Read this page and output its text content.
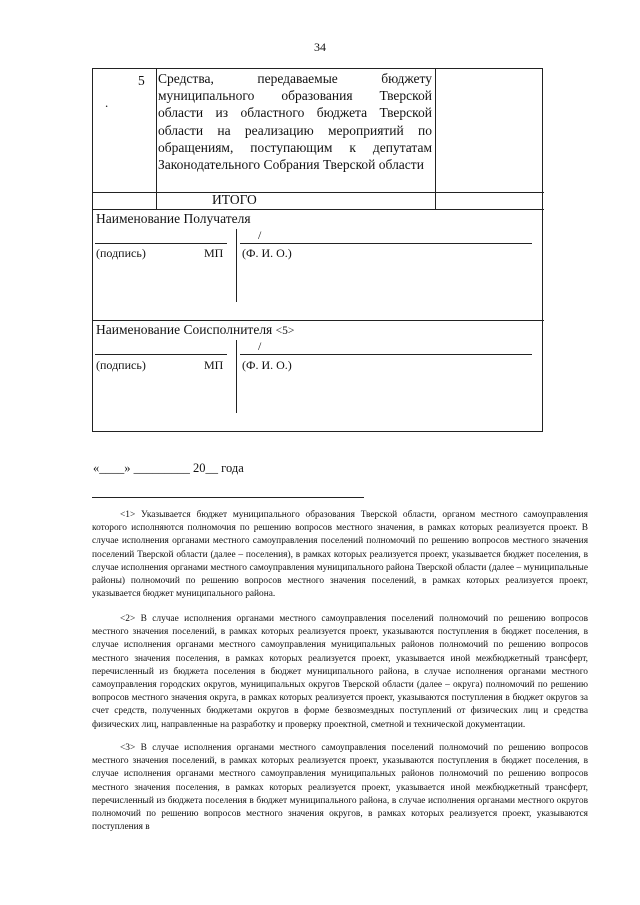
34
5
.
Средства, передаваемые бюджету муниципального образования Тверской области из областного бюджета Тверской области на реализацию мероприятий по обращениям, поступающим к депутатам Законодательного Собрания Тверской области
ИТОГО
Наименование Получателя
/
(подпись)	МП (Ф. И. О.)
Наименование Соисполнителя <5>
/
(подпись)	МП (Ф. И. О.)
«____» _________ 20__ года
<1> Указывается бюджет муниципального образования Тверской области, органом местного самоуправления которого исполняются полномочия по решению вопросов местного значения, в рамках которых реализуется проект. В случае исполнения органами местного самоуправления поселений полномочий по решению вопросов местного значения поселений Тверской области (далее – поселения), в рамках которых реализуется проект, указывается бюджет поселения, в случае исполнения органами местного самоуправления муниципального района Тверской области (далее – муниципальные районы) полномочий по решению вопросов местного значения поселений, в рамках которых реализуется проект, указывается бюджет муниципального района.
<2> В случае исполнения органами местного самоуправления поселений полномочий по решению вопросов местного значения поселений, в рамках которых реализуется проект, указываются поступления в бюджет поселения, в случае исполнения органами местного самоуправления муниципальных районов полномочий по решению вопросов местного значения поселения, в рамках которых реализуется проект, указывается иной межбюджетный трансферт, перечисленный из бюджета поселения в бюджет муниципального района, в случае исполнения органами местного самоуправления городских округов, муниципальных округов Тверской области (далее – округа) полномочий по решению вопросов местного значения округа, в рамках которых реализуется проект, указываются поступления в бюджет округов за счет средств, полученных бюджетами округов в форме безвозмездных поступлений от физических лиц и средства физических лиц, направленные на разработку и проверку проектной, сметной и технической документации.
<3> В случае исполнения органами местного самоуправления поселений полномочий по решению вопросов местного значения поселений, в рамках которых реализуется проект, указываются поступления в бюджет поселения, в случае исполнения органами местного самоуправления муниципальных районов полномочий по решению вопросов местного значения поселения, в рамках которых реализуется проект, указывается иной межбюджетный трансферт, перечисленный из бюджета поселения в бюджет муниципального района, в случае исполнения органами местного округов полномочий по решению вопросов местного значения округов, в рамках которых реализуется проект, указываются поступления в
